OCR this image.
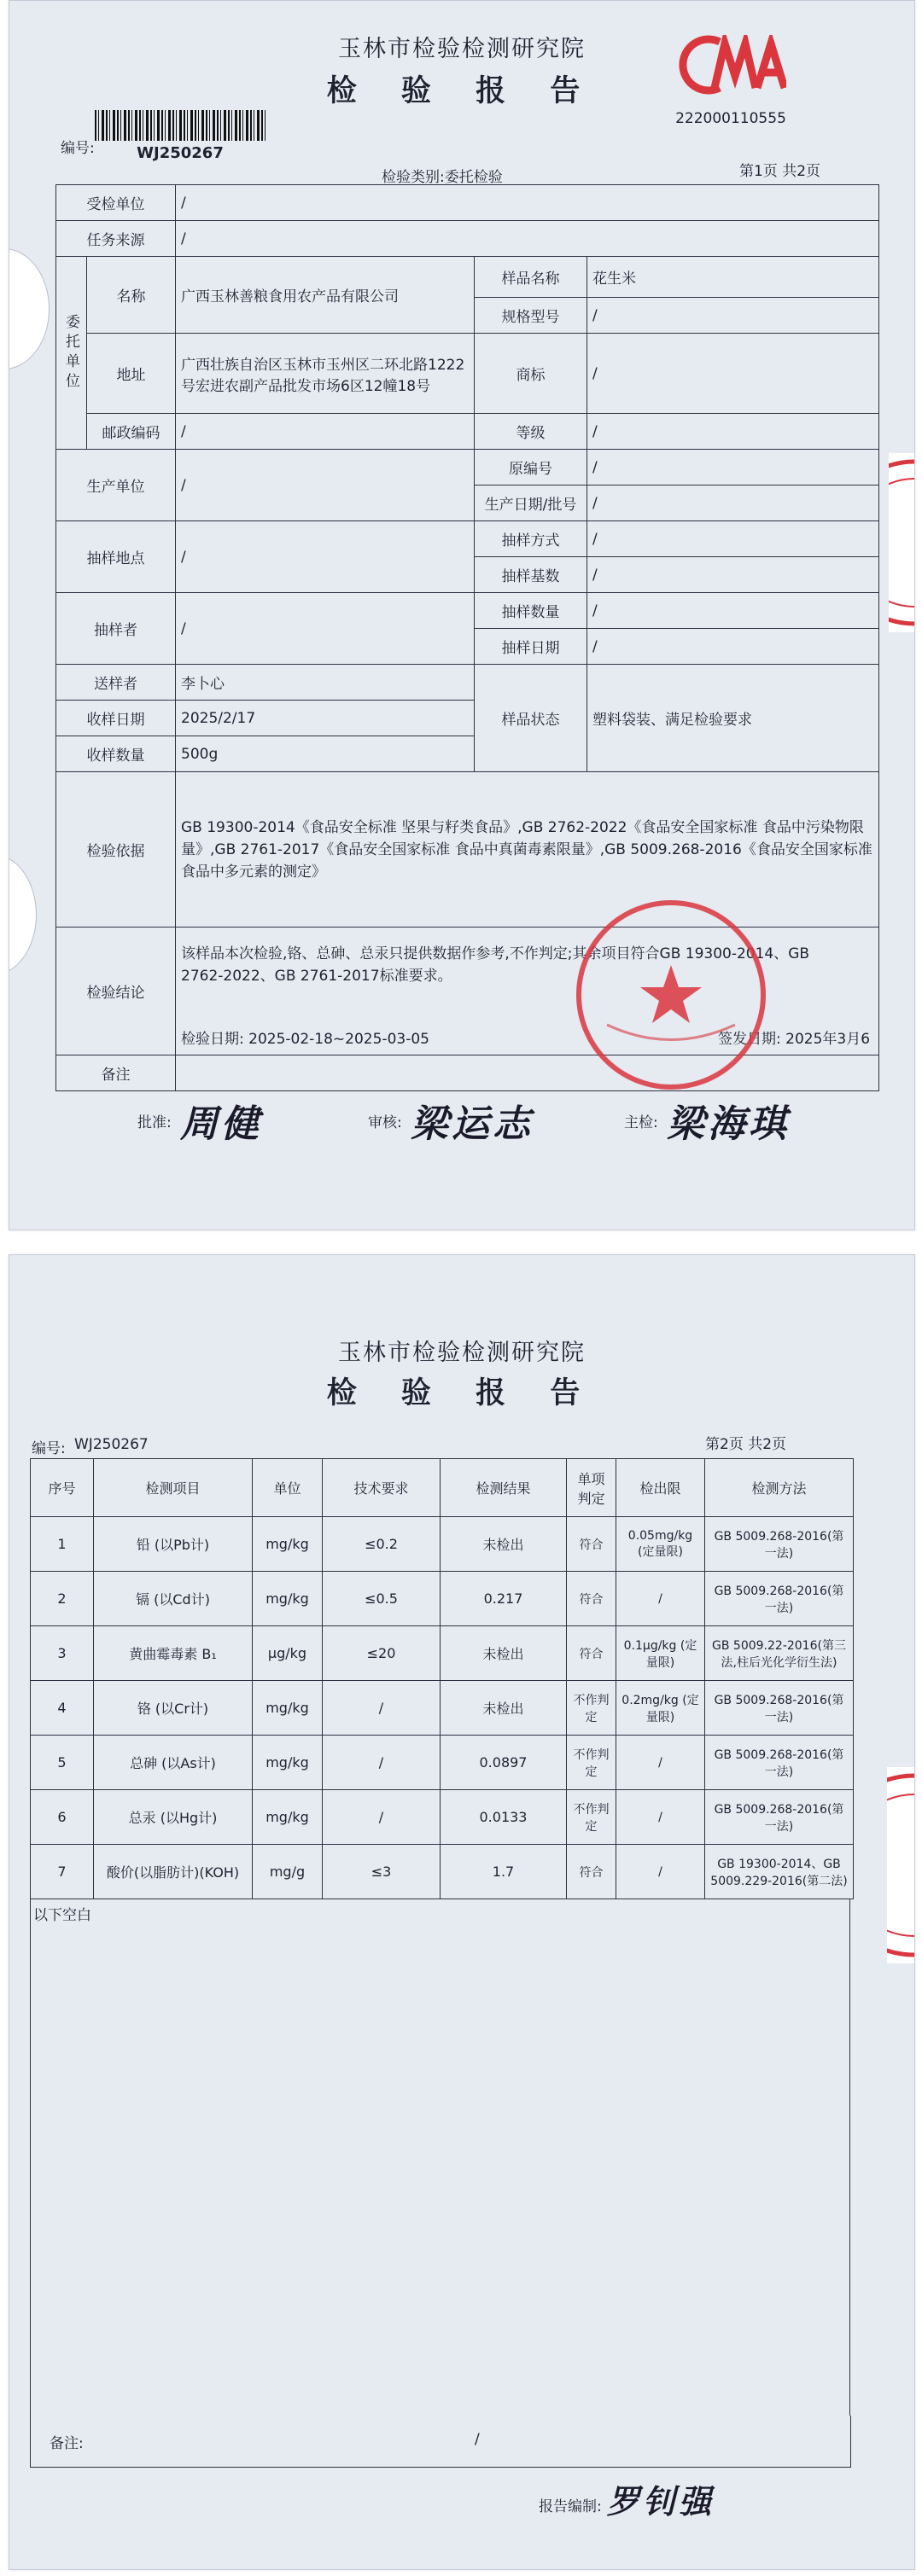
玉林市检验检测研究院
检 验 报 告
222000110555
编号:	WJ250267
检验类别:委托检验	第1页 共2页
受检单位		/		
任务来源		/		
委托单位	名称	广西玉林善粮食用农产品有限公司	样品名称	花生米
			规格型号	/
	地址	广西壮族自治区玉林市玉州区二环北路1222号宏进农副产品批发市场6区12幢18号	商标	/
	邮政编码	/	等级	/
生产单位		/	原编号	/
			生产日期/批号	/
抽样地点		/	抽样方式	/
			抽样基数	/
抽样者		/	抽样数量	/
			抽样日期	/
送样者		李卜心	样品状态	塑料袋装、满足检验要求
收样日期		2025/2/17		
收样数量		500g		
检验依据		GB 19300-2014《食品安全标准 坚果与籽类食品》,GB 2762-2022《食品安全国家标准 食品中污染物限量》,GB 2761-2017《食品安全国家标准 食品中真菌毒素限量》,GB 5009.268-2016《食品安全国家标准 食品中多元素的测定》		
检验结论		该样品本次检验,铬、总砷、总汞只提供数据作参考,不作判定;其余项目符合GB 19300-2014、GB 2762-2022、GB 2761-2017标准要求。
检验日期: 2025-02-18~2025-03-05 签发日期: 2025年3月6		

备注				
批准: 周健	审核: 梁运志	主检: 梁海琪
玉林市检验检测研究院
检 验 报 告
编号: WJ250267	第2页 共2页
序号	检测项目	单位	技术要求	检测结果	单项判定	检出限	检测方法
1	铅 (以Pb计)	mg/kg	≤0.2	未检出	符合	0.05mg/kg (定量限)	GB 5009.268-2016(第一法)
2	镉 (以Cd计)	mg/kg	≤0.5	0.217	符合	/	GB 5009.268-2016(第一法)
3	黄曲霉毒素 B₁	μg/kg	≤20	未检出	符合	0.1μg/kg (定量限)	GB 5009.22-2016(第三法,柱后光化学衍生法)
4	铬 (以Cr计)	mg/kg	/	未检出	不作判定	0.2mg/kg (定量限)	GB 5009.268-2016(第一法)
5	总砷 (以As计)	mg/kg	/	0.0897	不作判定	/	GB 5009.268-2016(第一法)
6	总汞 (以Hg计)	mg/kg	/	0.0133	不作判定	/	GB 5009.268-2016(第一法)
7	酸价(以脂肪计)(KOH)	mg/g	≤3	1.7	符合	/	GB 19300-2014、GB 5009.229-2016(第二法)
以下空白
备注:	/
报告编制: 罗钊强
